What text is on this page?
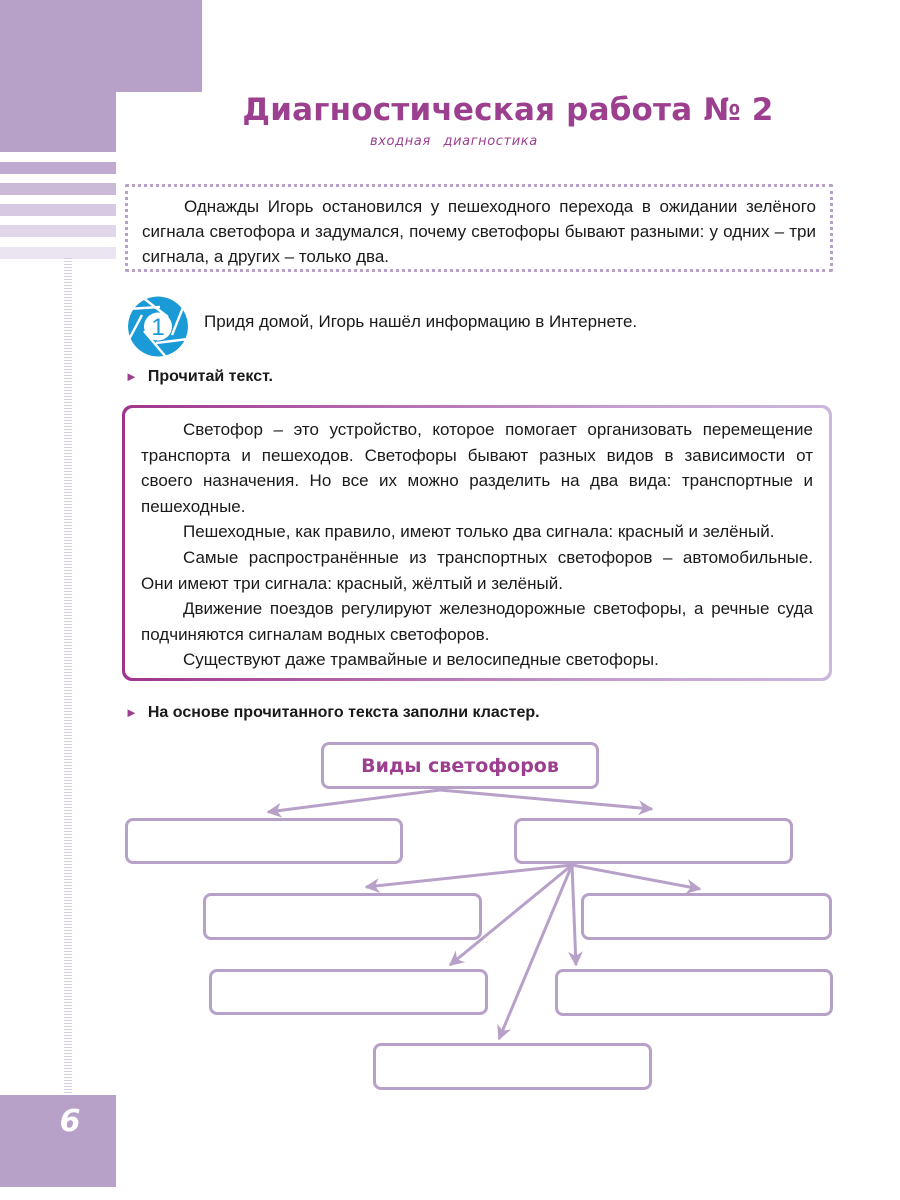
Диагностическая работа № 2
входная диагностика

Однажды Игорь остановился у пешеходного перехода в ожидании зелёного сигнала светофора и задумался, почему светофоры бывают разными: у одних – три сигнала, а других – только два.

1 Придя домой, Игорь нашёл информацию в Интернете.
► Прочитай текст.

Светофор – это устройство, которое помогает организовать перемещение транспорта и пешеходов. Светофоры бывают разных видов в зависимости от своего назначения. Но все их можно разделить на два вида: транспортные и пешеходные.

Пешеходные, как правило, имеют только два сигнала: красный и зелёный.

Самые распространённые из транспортных светофоров – автомобильные. Они имеют три сигнала: красный, жёлтый и зелёный.

Движение поездов регулируют железнодорожные светофоры, а речные суда подчиняются сигналам водных светофоров.

Существуют даже трамвайные и велосипедные светофоры.

► На основе прочитанного текста заполни кластер.
Виды светофоров
6
